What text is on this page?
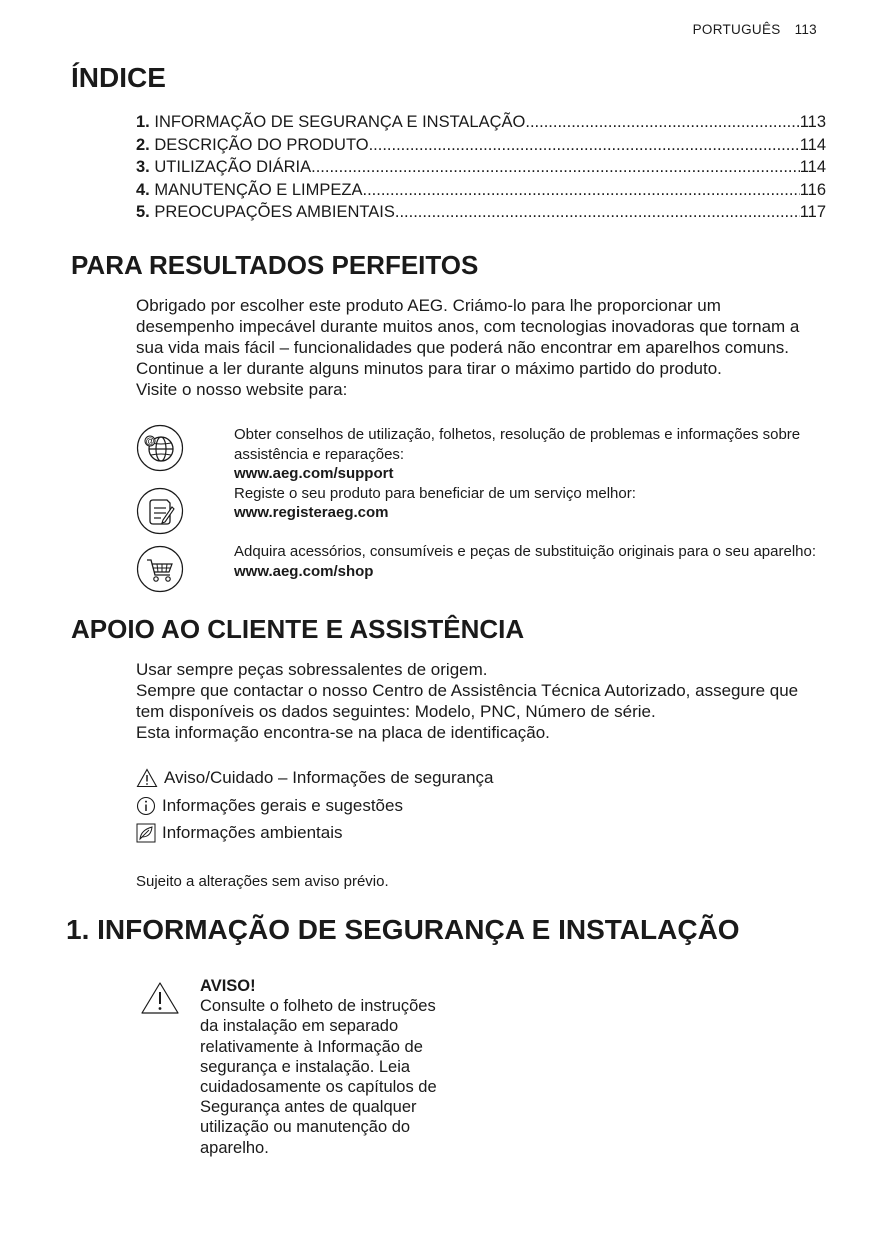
PORTUGUÊS 113
ÍNDICE
1. INFORMAÇÃO DE SEGURANÇA E INSTALAÇÃO .....	113
2. DESCRIÇÃO DO PRODUTO .....	114
3. UTILIZAÇÃO DIÁRIA .....	114
4. MANUTENÇÃO E LIMPEZA .....	116
5. PREOCUPAÇÕES AMBIENTAIS .....	117
PARA RESULTADOS PERFEITOS

Obrigado por escolher este produto AEG. Criámo-lo para lhe proporcionar um desempenho impecável durante muitos anos, com tecnologias inovadoras que tornam a sua vida mais fácil – funcionalidades que poderá não encontrar em aparelhos comuns. Continue a ler durante alguns minutos para tirar o máximo partido do produto.

Visite o nosso website para:

@	Obter conselhos de utilização, folhetos, resolução de problemas e informações sobre assistência e reparações:

www.aeg.com/support

Registe o seu produto para beneficiar de um serviço melhor:

www.registeraeg.com

Adquira acessórios, consumíveis e peças de substituição originais para o seu aparelho:

www.aeg.com/shop

APOIO AO CLIENTE E ASSISTÊNCIA

Usar sempre peças sobressalentes de origem.

Sempre que contactar o nosso Centro de Assistência Técnica Autorizado, assegure que tem disponíveis os dados seguintes: Modelo, PNC, Número de série.

Esta informação encontra-se na placa de identificação.

Aviso/Cuidado – Informações de segurança
Informações gerais e sugestões
Informações ambientais
Sujeito a alterações sem aviso prévio.
1. INFORMAÇÃO DE SEGURANÇA E INSTALAÇÃO
AVISO!
Consulte o folheto de instruções da instalação em separado relativamente à Informação de segurança e instalação. Leia cuidadosamente os capítulos de Segurança antes de qualquer utilização ou manutenção do aparelho.
